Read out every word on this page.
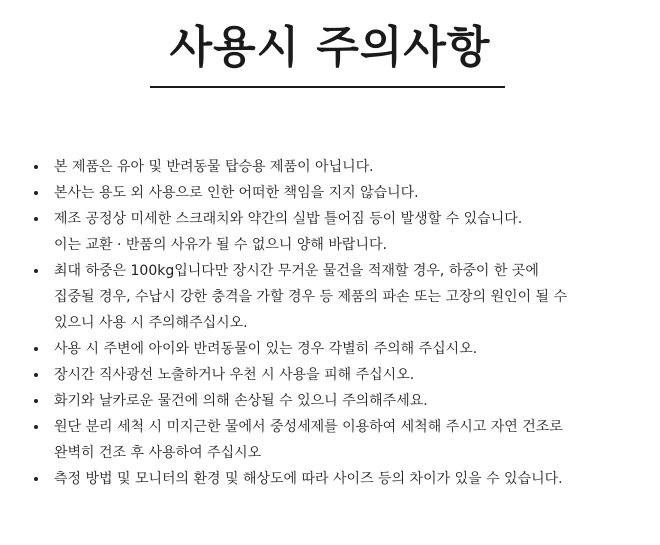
사용시 주의사항
본 제품은 유아 및 반려동물 탑승용 제품이 아닙니다.
본사는 용도 외 사용으로 인한 어떠한 책임을 지지 않습니다.
제조 공정상 미세한 스크래치와 약간의 실밥 틀어짐 등이 발생할 수 있습니다.
이는 교환 · 반품의 사유가 될 수 없으니 양해 바랍니다.
최대 하중은 100kg입니다만 장시간 무거운 물건을 적재할 경우, 하중이 한 곳에
집중될 경우, 수납시 강한 충격을 가할 경우 등 제품의 파손 또는 고장의 원인이 될 수
있으니 사용 시 주의해주십시오.
사용 시 주변에 아이와 반려동물이 있는 경우 각별히 주의해 주십시오.
장시간 직사광선 노출하거나 우천 시 사용을 피해 주십시오.
화기와 날카로운 물건에 의해 손상될 수 있으니 주의해주세요.
원단 분리 세척 시 미지근한 물에서 중성세제를 이용하여 세척해 주시고 자연 건조로
완벽히 건조 후 사용하여 주십시오
측정 방법 및 모니터의 환경 및 해상도에 따라 사이즈 등의 차이가 있을 수 있습니다.
